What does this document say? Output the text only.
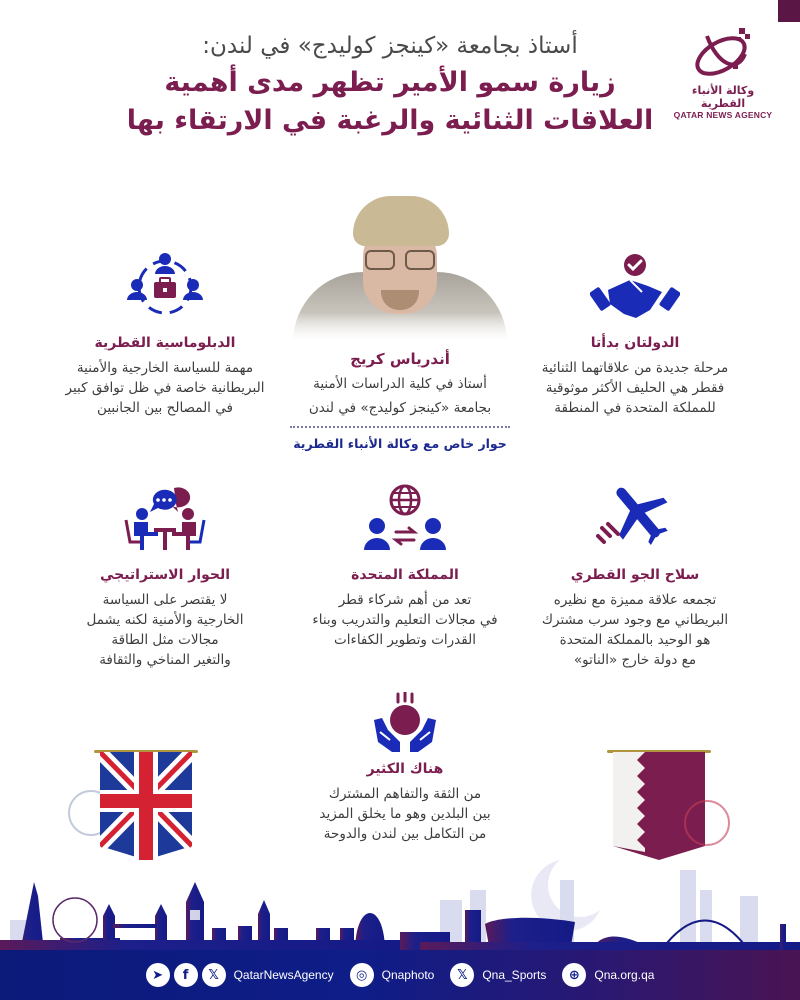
وكالة الأنباء القطرية
QATAR NEWS AGENCY
أستاذ بجامعة «كينجز كوليدج» في لندن:
زيارة سمو الأمير تظهر مدى أهمية
العلاقات الثنائية والرغبة في الارتقاء بها
أندرياس كريج
أستاذ في كلية الدراسات الأمنية
بجامعة «كينجز كوليدج» في لندن
حوار خاص مع وكالة الأنباء القطرية
الدولتان بدأتا
مرحلة جديدة من علاقاتهما الثنائية
فقطر هي الحليف الأكثر موثوقية
للمملكة المتحدة في المنطقة
الدبلوماسية القطرية
مهمة للسياسة الخارجية والأمنية
البريطانية خاصة في ظل توافق كبير
في المصالح بين الجانبين
سلاح الجو القطري
تجمعه علاقة مميزة مع نظيره
البريطاني مع وجود سرب مشترك
هو الوحيد بالمملكة المتحدة
مع دولة خارج «الناتو»
المملكة المتحدة
تعد من أهم شركاء قطر
في مجالات التعليم والتدريب وبناء
القدرات وتطوير الكفاءات
الحوار الاستراتيجي
لا يقتصر على السياسة
الخارجية والأمنية لكنه يشمل
مجالات مثل الطاقة
والتغير المناخي والثقافة
هناك الكثير
من الثقة والتفاهم المشترك
بين البلدين وهو ما يخلق المزيد
من التكامل بين لندن والدوحة
➤	f	𝕏	QatarNewsAgency	◎	Qnaphoto	𝕏	Qna_Sports	⊕	Qna.org.qa
